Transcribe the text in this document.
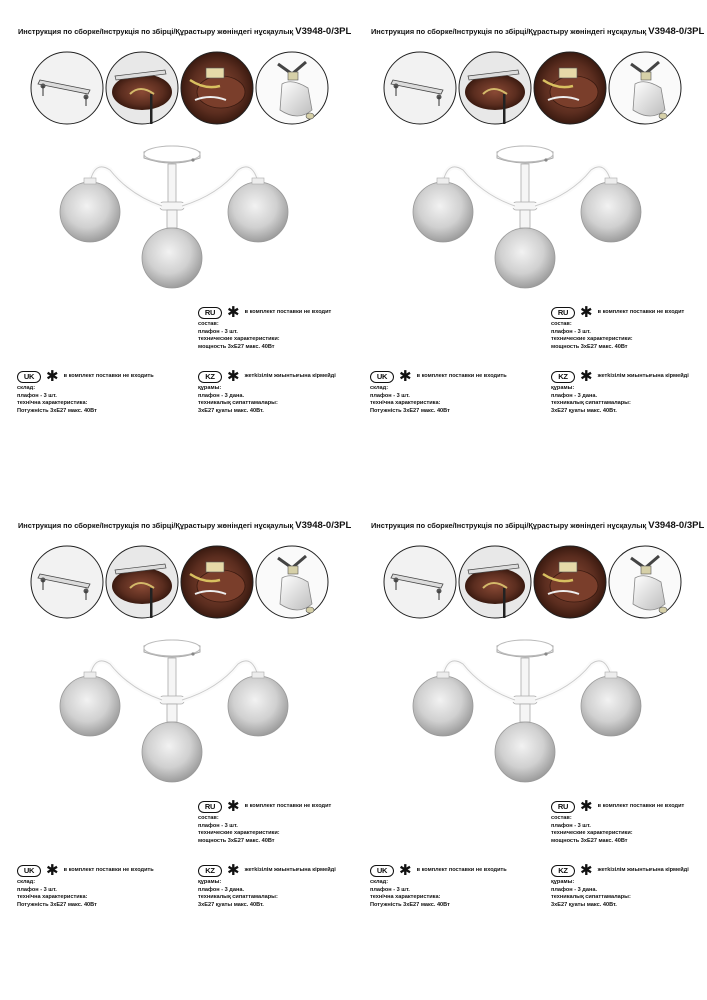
Инструкция по сборке/Інструкція по збірці/Құрастыру жөніндегі нұсқаулық V3948-0/3PL
RU ✱ в комплект поставки не входит
состав:
плафон - 3 шт.
технические характеристики:
мощность 3хЕ27 макс. 40Вт
UK ✱ в комплект поставки не входить
склад:
плафон - 3 шт.
технічна характеристика:
Потужність 3хЕ27 макс. 40Вт
KZ ✱ жетkізілім жиынтығына кірмейді
құрамы:
плафон - 3 дана.
техникалық сипаттамалары:
3хЕ27 қуаты макс. 40Вт.
Инструкция по сборке/Інструкція по збірці/Құрастыру жөніндегі нұсқаулық V3948-0/3PL
RU ✱ в комплект поставки не входит
состав:
плафон - 3 шт.
технические характеристики:
мощность 3хЕ27 макс. 40Вт
UK ✱ в комплект поставки не входить
склад:
плафон - 3 шт.
технічна характеристика:
Потужність 3хЕ27 макс. 40Вт
KZ ✱ жетkізілім жиынтығына кірмейді
құрамы:
плафон - 3 дана.
техникалық сипаттамалары:
3хЕ27 қуаты макс. 40Вт.
Инструкция по сборке/Інструкція по збірці/Құрастыру жөніндегі нұсқаулық V3948-0/3PL
RU ✱ в комплект поставки не входит
состав:
плафон - 3 шт.
технические характеристики:
мощность 3хЕ27 макс. 40Вт
UK ✱ в комплект поставки не входить
склад:
плафон - 3 шт.
технічна характеристика:
Потужність 3хЕ27 макс. 40Вт
KZ ✱ жетkізілім жиынтығына кірмейді
құрамы:
плафон - 3 дана.
техникалық сипаттамалары:
3хЕ27 қуаты макс. 40Вт.
Инструкция по сборке/Інструкція по збірці/Құрастыру жөніндегі нұсқаулық V3948-0/3PL
RU ✱ в комплект поставки не входит
состав:
плафон - 3 шт.
технические характеристики:
мощность 3хЕ27 макс. 40Вт
UK ✱ в комплект поставки не входить
склад:
плафон - 3 шт.
технічна характеристика:
Потужність 3хЕ27 макс. 40Вт
KZ ✱ жетkізілім жиынтығына кірмейді
құрамы:
плафон - 3 дана.
техникалық сипаттамалары:
3хЕ27 қуаты макс. 40Вт.
